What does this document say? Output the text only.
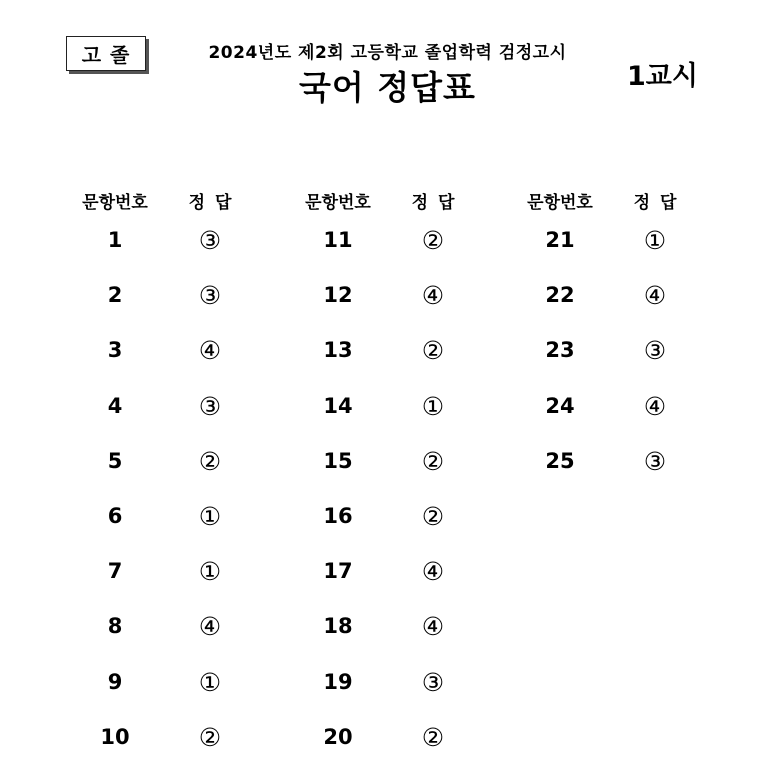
고 졸	2024년도 제2회 고등학교 졸업학력 검정고시
국어 정답표	1교시
문항번호	정 답
1	③
2	③
3	④
4	③
5	②
6	①
7	①
8	④
9	①
10	②
문항번호	정 답
11	②
12	④
13	②
14	①
15	②
16	②
17	④
18	④
19	③
20	②
문항번호	정 답
21	①
22	④
23	③
24	④
25	③
